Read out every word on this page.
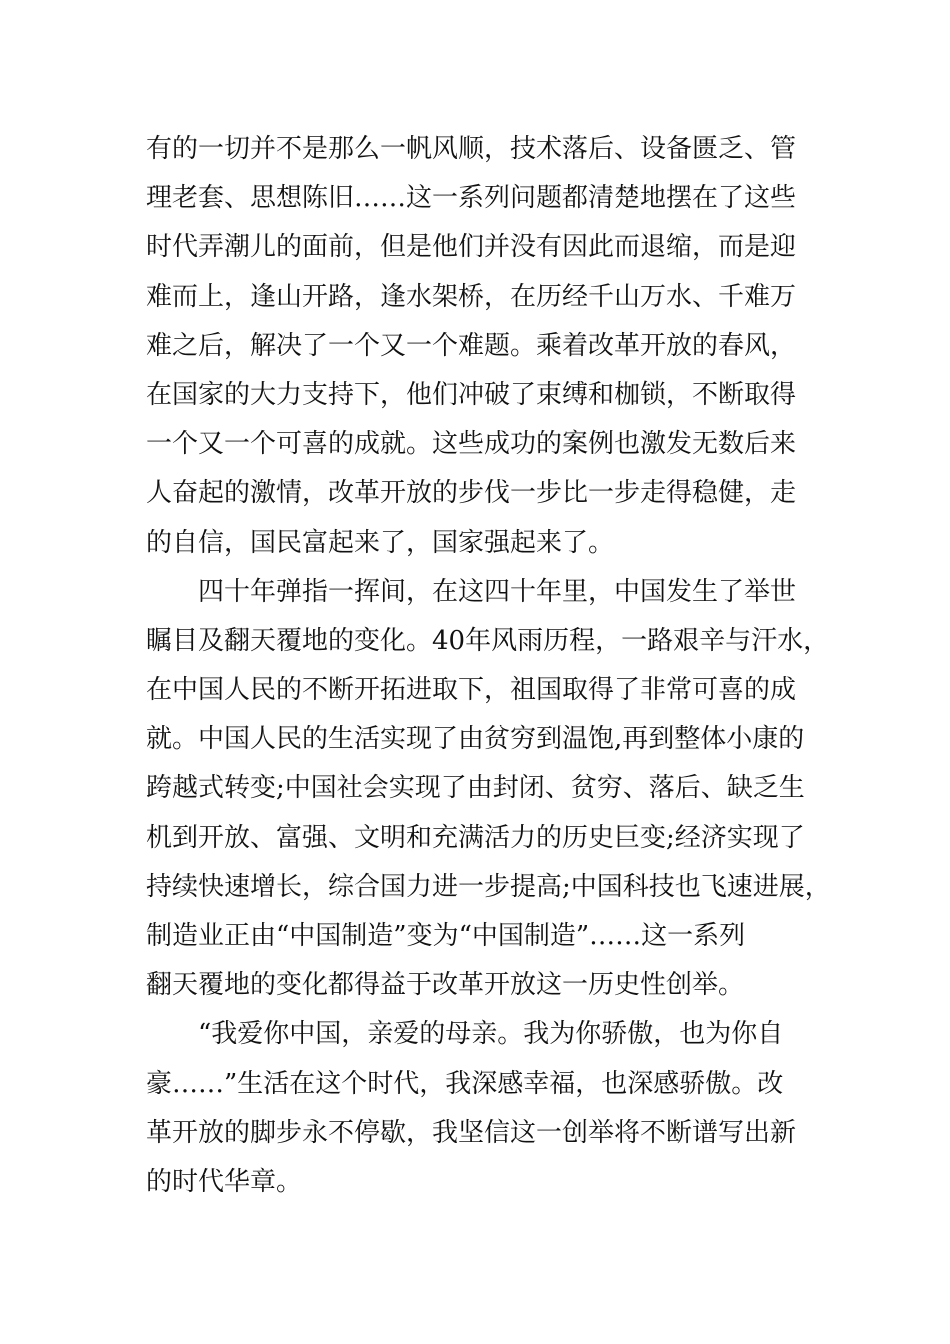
有的一切并不是那么一帆风顺，技术落后、设备匮乏、管
理老套、思想陈旧……这一系列问题都清楚地摆在了这些
时代弄潮儿的面前，但是他们并没有因此而退缩，而是迎
难而上，逢山开路，逢水架桥，在历经千山万水、千难万
难之后，解决了一个又一个难题。乘着改革开放的春风，
在国家的大力支持下，他们冲破了束缚和枷锁，不断取得
一个又一个可喜的成就。这些成功的案例也激发无数后来
人奋起的激情，改革开放的步伐一步比一步走得稳健，走
的自信，国民富起来了，国家强起来了。
四十年弹指一挥间，在这四十年里，中国发生了举世
瞩目及翻天覆地的变化。40年风雨历程，一路艰辛与汗水，
在中国人民的不断开拓进取下，祖国取得了非常可喜的成
就。中国人民的生活实现了由贫穷到温饱,再到整体小康的
跨越式转变;中国社会实现了由封闭、贫穷、落后、缺乏生
机到开放、富强、文明和充满活力的历史巨变;经济实现了
持续快速增长，综合国力进一步提高;中国科技也飞速进展，
制造业正由“中国制造”变为“中国制造”……这一系列
翻天覆地的变化都得益于改革开放这一历史性创举。
“我爱你中国，亲爱的母亲。我为你骄傲，也为你自
豪……”生活在这个时代，我深感幸福，也深感骄傲。改
革开放的脚步永不停歇，我坚信这一创举将不断谱写出新
的时代华章。
